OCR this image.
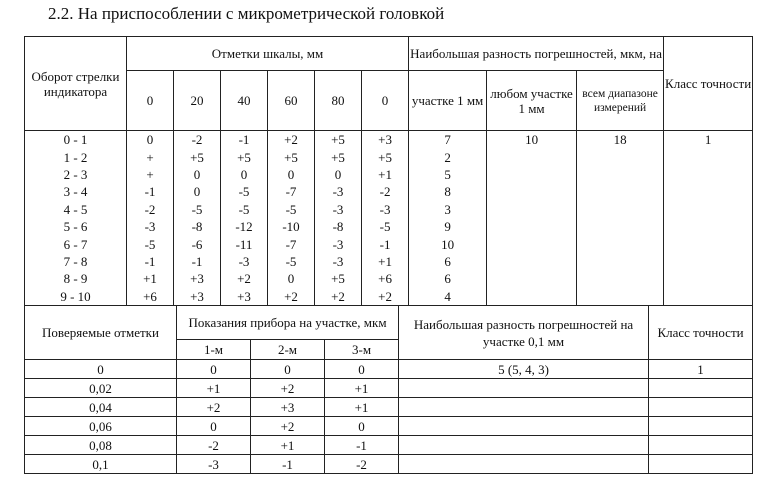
2.2. На приспособлении с микрометрической головкой
Оборот стрелки индикатора	Отметки шкалы, мм						Наибольшая разность погрешностей, мкм, на			Класс точности
	0	20	40	60	80	0	участке 1 мм	любом участке 1 мм	всем диапазоне измерений	
0 - 1	0	-2	-1	+2	+5	+3	7	10	18	1
1 - 2	+	+5	+5	+5	+5	+5	2			
2 - 3	+	0	0	0	0	+1	5			
3 - 4	-1	0	-5	-7	-3	-2	8			
4 - 5	-2	-5	-5	-5	-3	-3	3			
5 - 6	-3	-8	-12	-10	-8	-5	9			
6 - 7	-5	-6	-11	-7	-3	-1	10			
7 - 8	-1	-1	-3	-5	-3	+1	6			
8 - 9	+1	+3	+2	0	+5	+6	6			
9 - 10	+6	+3	+3	+2	+2	+2	4			
Поверяемые отметки	Показания прибора на участке, мкм			Наибольшая разность погрешностей на участке 0,1 мм	Класс точности
	1-м	2-м	3-м		
0	0	0	0	5 (5, 4, 3)	1
0,02	+1	+2	+1		
0,04	+2	+3	+1		
0,06	0	+2	0		
0,08	-2	+1	-1		
0,1	-3	-1	-2		
